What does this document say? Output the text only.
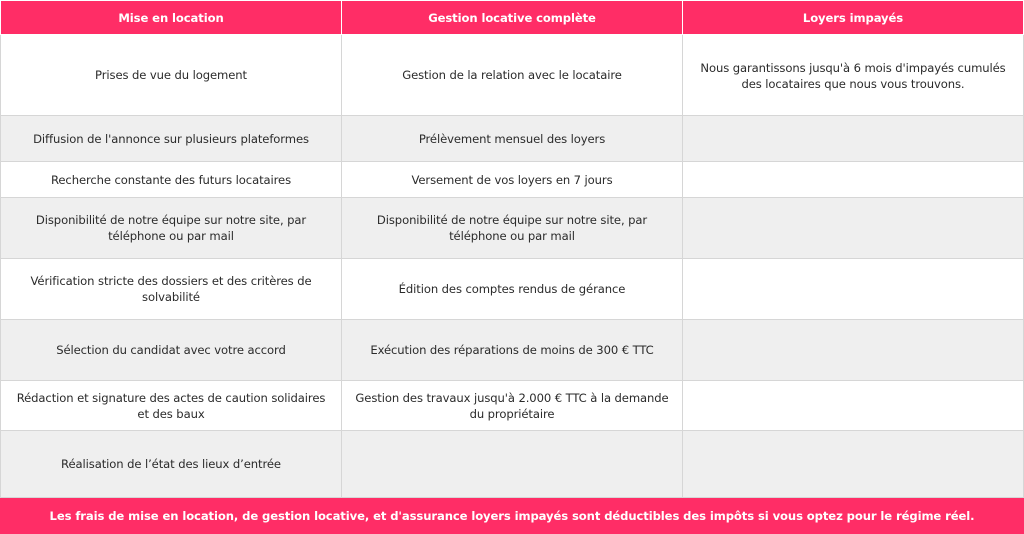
Mise en location	Gestion locative complète	Loyers impayés
Prises de vue du logement	Gestion de la relation avec le locataire	Nous garantissons jusqu'à 6 mois d'impayés cumulés des locataires que nous vous trouvons.
Diffusion de l'annonce sur plusieurs plateformes	Prélèvement mensuel des loyers	
Recherche constante des futurs locataires	Versement de vos loyers en 7 jours	
Disponibilité de notre équipe sur notre site, par téléphone ou par mail	Disponibilité de notre équipe sur notre site, par téléphone ou par mail	
Vérification stricte des dossiers et des critères de solvabilité	Édition des comptes rendus de gérance	
Sélection du candidat avec votre accord	Exécution des réparations de moins de 300 € TTC	
Rédaction et signature des actes de caution solidaires et des baux	Gestion des travaux jusqu'à 2.000 € TTC à la demande du propriétaire	
Réalisation de l’état des lieux d’entrée		
Les frais de mise en location, de gestion locative, et d'assurance loyers impayés sont déductibles des impôts si vous optez pour le régime réel.		
